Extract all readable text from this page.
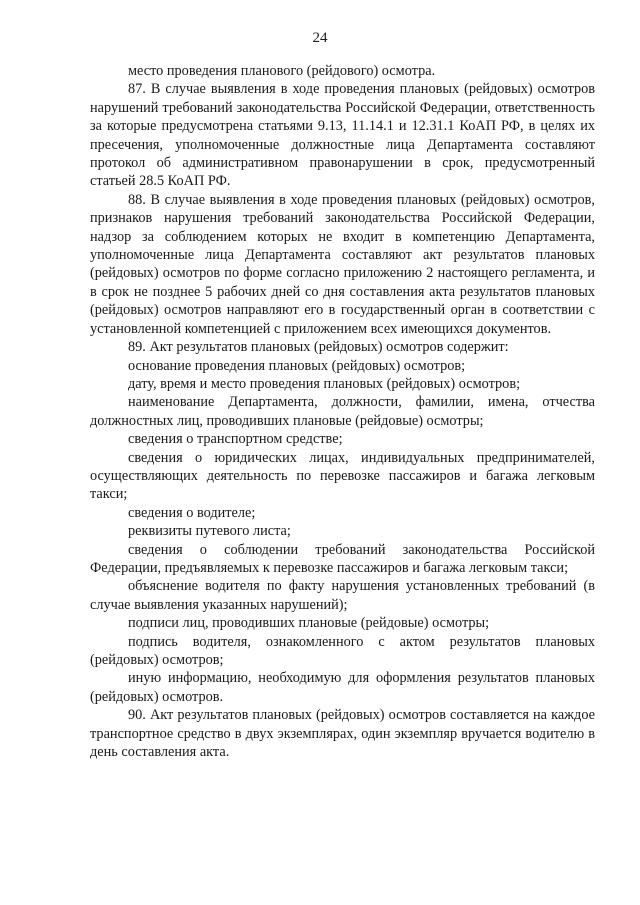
24

место проведения планового (рейдового) осмотра.

87. В случае выявления в ходе проведения плановых (рейдовых) осмотров нарушений требований законодательства Российской Федерации, ответственность за которые предусмотрена статьями 9.13, 11.14.1 и 12.31.1 КоАП РФ, в целях их пресечения, уполномоченные должностные лица Департамента составляют протокол об административном правонарушении в срок, предусмотренный статьей 28.5 КоАП РФ.

88. В случае выявления в ходе проведения плановых (рейдовых) осмотров, признаков нарушения требований законодательства Российской Федерации, надзор за соблюдением которых не входит в компетенцию Департамента, уполномоченные лица Департамента составляют акт результатов плановых (рейдовых) осмотров по форме согласно приложению 2 настоящего регламента, и в срок не позднее 5 рабочих дней со дня составления акта результатов плановых (рейдовых) осмотров направляют его в государственный орган в соответствии с установленной компетенцией с приложением всех имеющихся документов.

89. Акт результатов плановых (рейдовых) осмотров содержит:

основание проведения плановых (рейдовых) осмотров;

дату, время и место проведения плановых (рейдовых) осмотров;

наименование Департамента, должности, фамилии, имена, отчества должностных лиц, проводивших плановые (рейдовые) осмотры;

сведения о транспортном средстве;

сведения о юридических лицах, индивидуальных предпринимателей, осуществляющих деятельность по перевозке пассажиров и багажа легковым такси;

сведения о водителе;

реквизиты путевого листа;

сведения о соблюдении требований законодательства Российской Федерации, предъявляемых к перевозке пассажиров и багажа легковым такси;

объяснение водителя по факту нарушения установленных требований (в случае выявления указанных нарушений);

подписи лиц, проводивших плановые (рейдовые) осмотры;

подпись водителя, ознакомленного с актом результатов плановых (рейдовых) осмотров;

иную информацию, необходимую для оформления результатов плановых (рейдовых) осмотров.

90. Акт результатов плановых (рейдовых) осмотров составляется на каждое транспортное средство в двух экземплярах, один экземпляр вручается водителю в день составления акта.
